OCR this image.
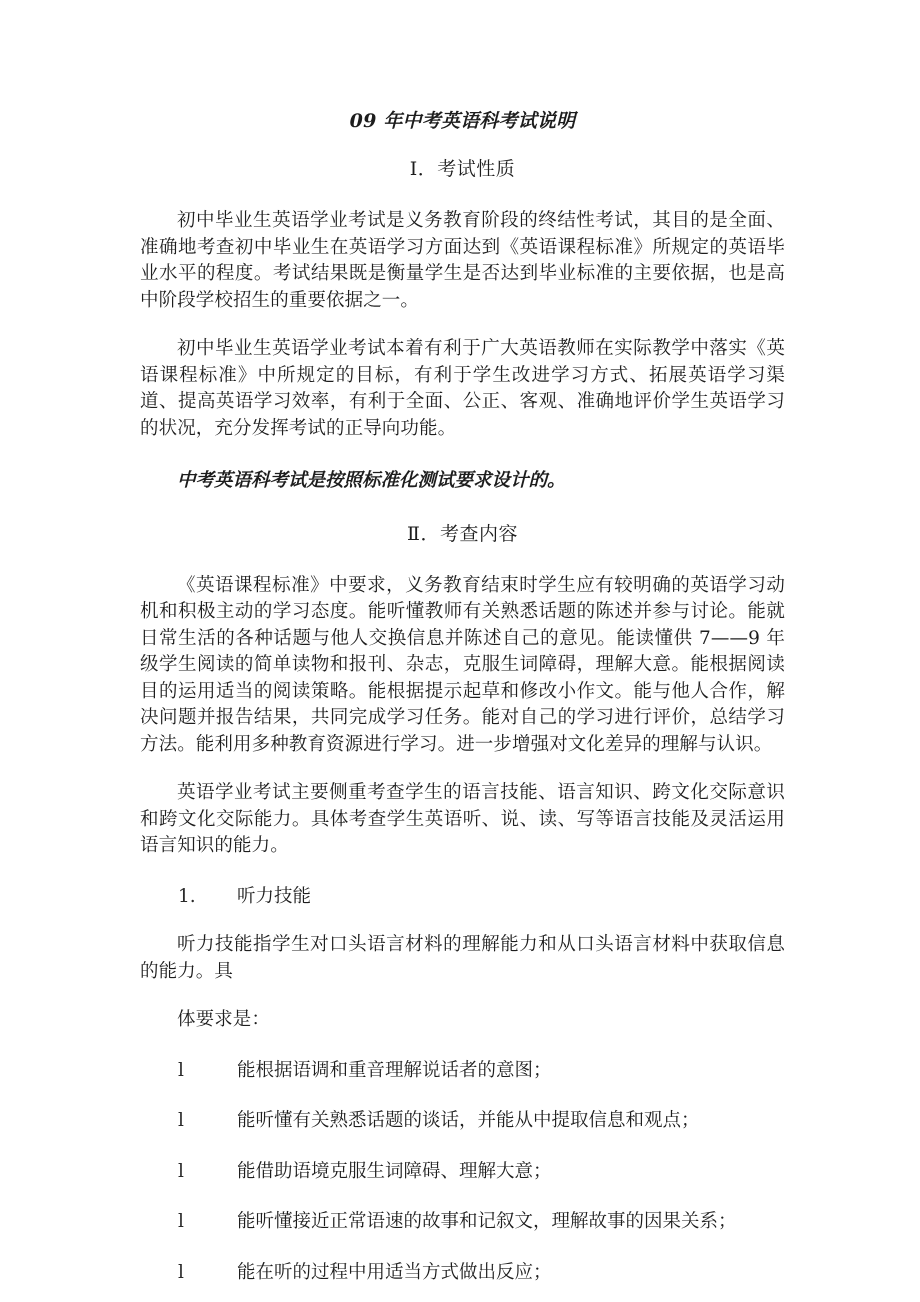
09 年中考英语科考试说明
Ⅰ．考试性质

初中毕业生英语学业考试是义务教育阶段的终结性考试，其目的是全面、准确地考查初中毕业生在英语学习方面达到《英语课程标准》所规定的英语毕业水平的程度。考试结果既是衡量学生是否达到毕业标准的主要依据，也是高中阶段学校招生的重要依据之一。

初中毕业生英语学业考试本着有利于广大英语教师在实际教学中落实《英语课程标准》中所规定的目标，有利于学生改进学习方式、拓展英语学习渠道、提高英语学习效率，有利于全面、公正、客观、准确地评价学生英语学习的状况，充分发挥考试的正导向功能。

中考英语科考试是按照标准化测试要求设计的。

Ⅱ．考查内容

《英语课程标准》中要求，义务教育结束时学生应有较明确的英语学习动机和积极主动的学习态度。能听懂教师有关熟悉话题的陈述并参与讨论。能就日常生活的各种话题与他人交换信息并陈述自己的意见。能读懂供 7——9 年级学生阅读的简单读物和报刊、杂志，克服生词障碍，理解大意。能根据阅读目的运用适当的阅读策略。能根据提示起草和修改小作文。能与他人合作，解决问题并报告结果，共同完成学习任务。能对自己的学习进行评价，总结学习方法。能利用多种教育资源进行学习。进一步增强对文化差异的理解与认识。

英语学业考试主要侧重考查学生的语言技能、语言知识、跨文化交际意识和跨文化交际能力。具体考查学生英语听、说、读、写等语言技能及灵活运用语言知识的能力。

1.	听力技能

听力技能指学生对口头语言材料的理解能力和从口头语言材料中获取信息的能力。具

体要求是：

l	能根据语调和重音理解说话者的意图；
l	能听懂有关熟悉话题的谈话，并能从中提取信息和观点；
l	能借助语境克服生词障碍、理解大意；
l	能听懂接近正常语速的故事和记叙文，理解故事的因果关系；
l	能在听的过程中用适当方式做出反应；
